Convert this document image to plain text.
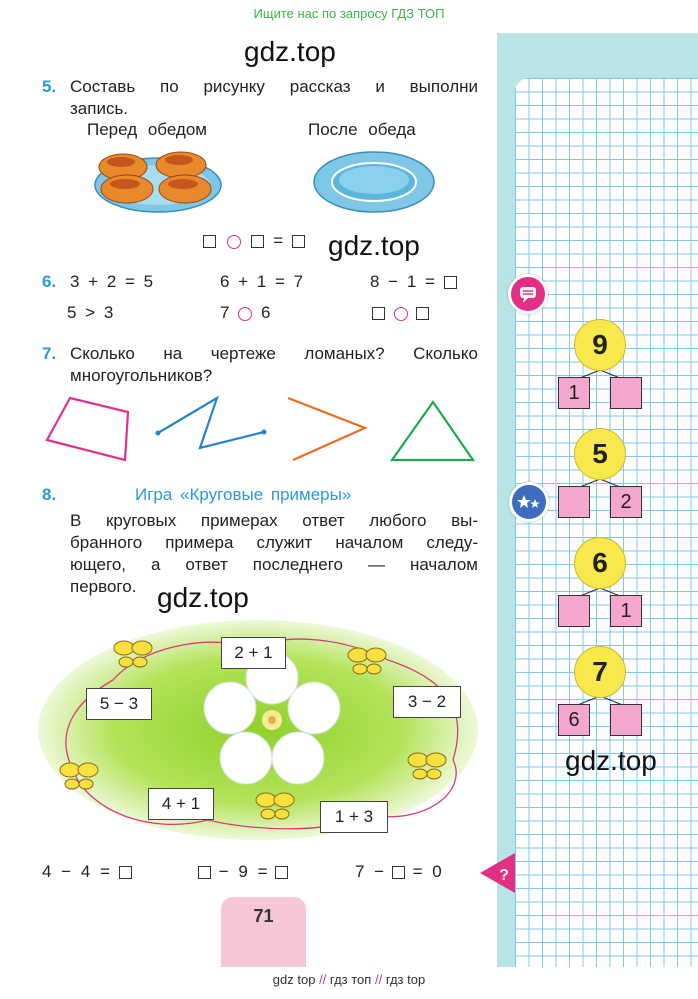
Ищите нас по запросу ГДЗ ТОП
gdz.top
5. Составь по рисунку рассказ и выполни
запись.
Перед обедом	После обеда
=	gdz.top
6. 3 + 2 = 5	6 + 1 = 7	8 − 1 =
5 > 3	7 6

7. Сколько на чертеже ломаных? Сколько
многоугольников?
8.	Игра «Круговые примеры»
В круговых примерах ответ любого вы-
бранного примера служит началом следу-
ющего, а ответ последнего — началом
первого.
2 + 1
3 − 2
1 + 3
4 + 1
5 − 3
gdz.top
4 − 4 =	− 9 =	7 − = 0	?
9
1
5
2
6
1
7
6
gdz.top
71
gdz top // гдз топ // гдз top
